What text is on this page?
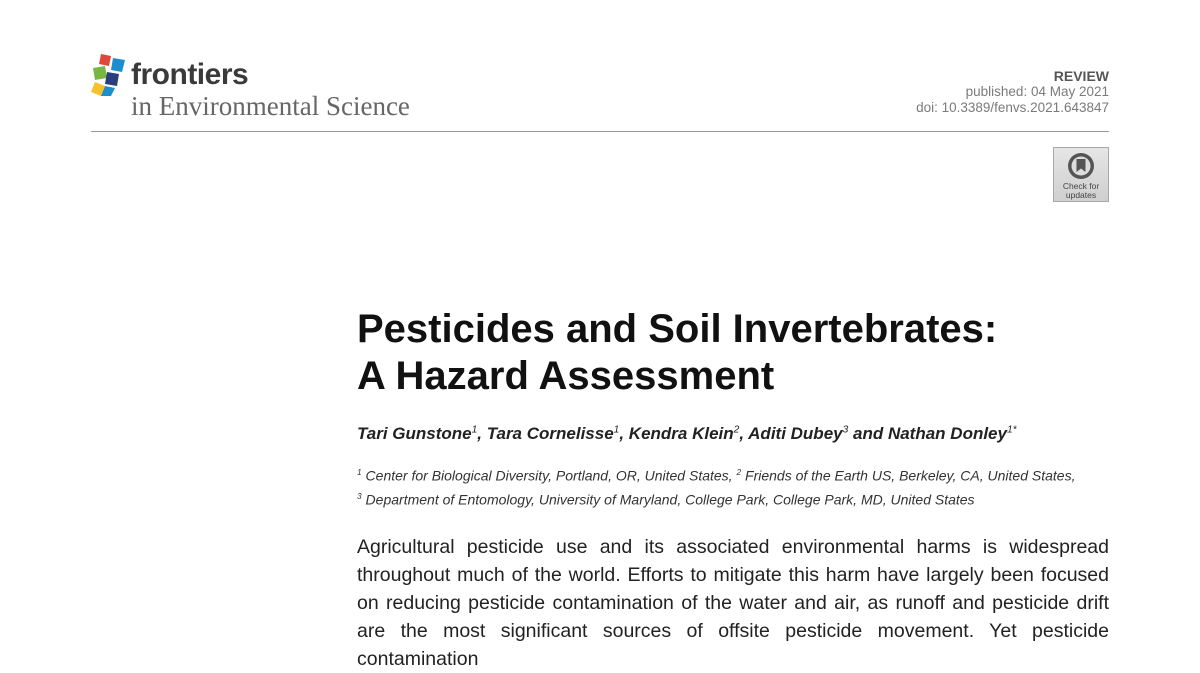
frontiers
in Environmental Science
REVIEW
published: 04 May 2021
doi: 10.3389/fenvs.2021.643847
Check for
updates
Pesticides and Soil Invertebrates:
A Hazard Assessment
Tari Gunstone$^1$, Tara Cornelisse$^1$, Kendra Klein$^2$, Aditi Dubey$^3$ and Nathan Donley$^{1*}$
$^1$ Center for Biological Diversity, Portland, OR, United States, $^2$ Friends of the Earth US, Berkeley, CA, United States,
$^3$ Department of Entomology, University of Maryland, College Park, College Park, MD, United States

Agricultural pesticide use and its associated environmental harms is widespread throughout much of the world. Efforts to mitigate this harm have largely been focused on reducing pesticide contamination of the water and air, as runoff and pesticide drift are the most significant sources of offsite pesticide movement. Yet pesticide contamination
